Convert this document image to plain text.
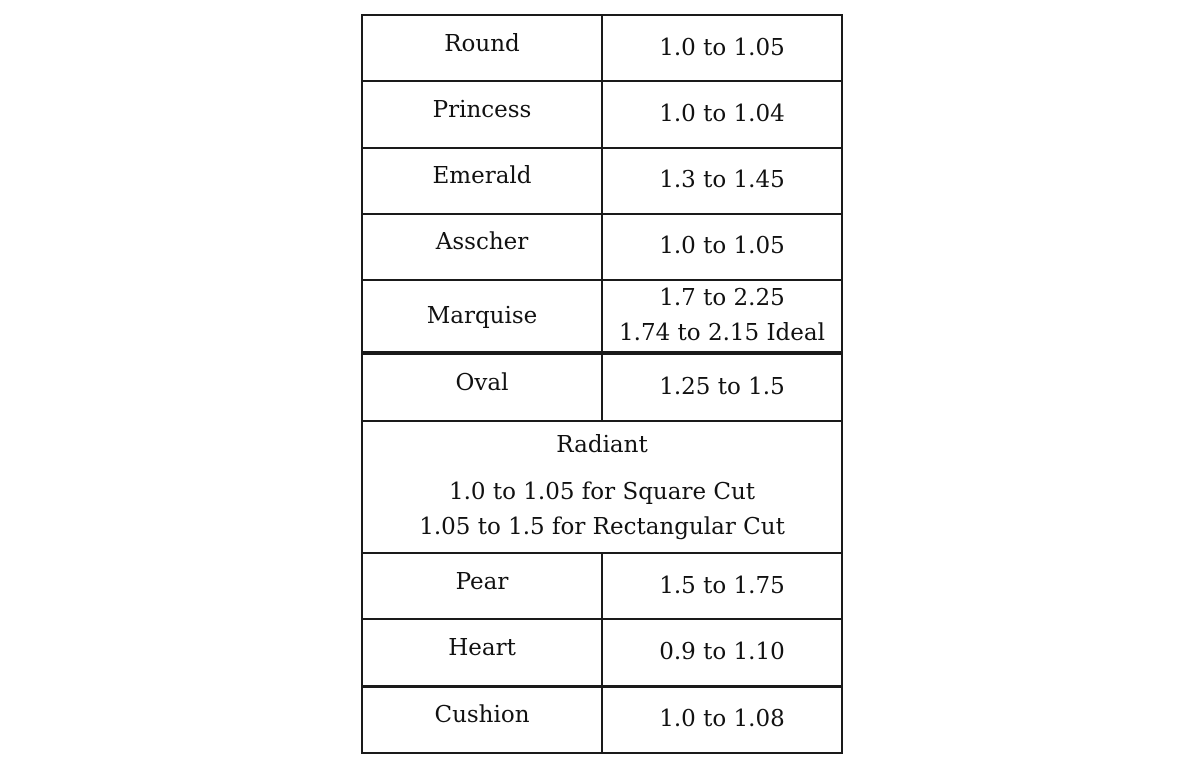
Round	1.0 to 1.05

Princess	1.0 to 1.04

Emerald	1.3 to 1.45

Asscher	1.0 to 1.05

Marquise	1.7 to 2.25
1.74 to 2.15 Ideal

Oval	1.25 to 1.5

Radiant
1.0 to 1.05 for Square Cut
1.05 to 1.5 for Rectangular Cut	

Pear	1.5 to 1.75

Heart	0.9 to 1.10

Cushion	1.0 to 1.08
